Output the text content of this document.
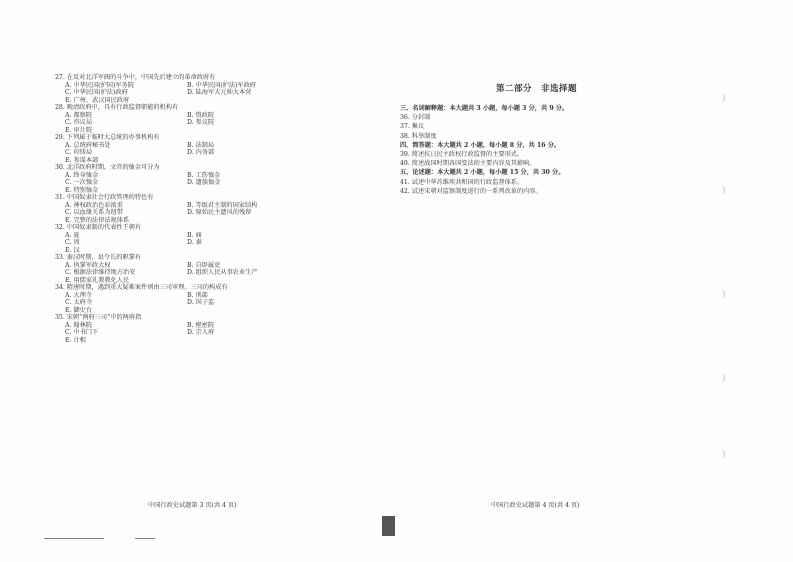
27. 在反对北洋军阀的斗争中，中国先后建立的革命政府有
A. 中华民国(护国)军务院	B. 中华民国(护法)军政府
C. 中华民国(护法)政府	D. 陆海军大元帅大本营
E. 广州、武汉国民政府
28. 晚清政府中，具有行政监督职能的机构有
A. 都察院	B. 资政院
C. 咨议局	D. 参议院
E. 审计院
29. 下列属于临时大总统的办事机构有
A. 总统府秘书处	B. 法制局
C. 印铸局	D. 内务部
E. 参谋本部
30. 北洋政府时期，文官的恤金可分为
A. 终身恤金	B. 工伤恤金
C. 一次恤金	D. 遗族恤金
E. 特别恤金
31. 中国奴隶社会行政管理的特色有
A. 神权政治色彩浓重	B. 等级君主制的国家结构
C. 以血缘关系为纽带	D. 原始民主遗风的残留
E. 完整的法律法规体系
32. 中国奴隶制的代表性王朝有
A. 夏	B. 商
C. 周	D. 秦
E. 汉
33. 秦汉时期，县令长的职掌有
A. 执掌军政大权	B. 自辟属吏
C. 根据法律维持地方治安	D. 组织人民从事农业生产
E. 用儒家礼教教化人民
34. 隋唐时期，遇到重大疑难案件则由三司审理。三司的构成有
A. 大理寺	B. 刑部
C. 太府寺	D. 国子监
E. 御史台
35. 宋朝“两府三司”中的两府指
A. 翰林院	B. 枢密院
C. 中书门下	D. 宗人府
E. 计相
中国行政史试题第 3 页(共 4 页)
第二部分　非选择题
三、名词解释题：本大题共 3 小题，每小题 3 分，共 9 分。
36. 分封制
37. 集议
38. 科举制度
四、简答题：本大题共 2 小题，每小题 8 分，共 16 分。
39. 简述抗日民主政权行政监督的主要形式。
40. 简述战国时期各国变法的主要内容及其影响。
五、论述题：本大题共 2 小题，每小题 15 分，共 30 分。
41. 试述中华苏维埃共和国的行政监督体系。
42. 试述宋朝对监察制度进行的一系列改革的内容。
中国行政史试题第 4 页(共 4 页)
